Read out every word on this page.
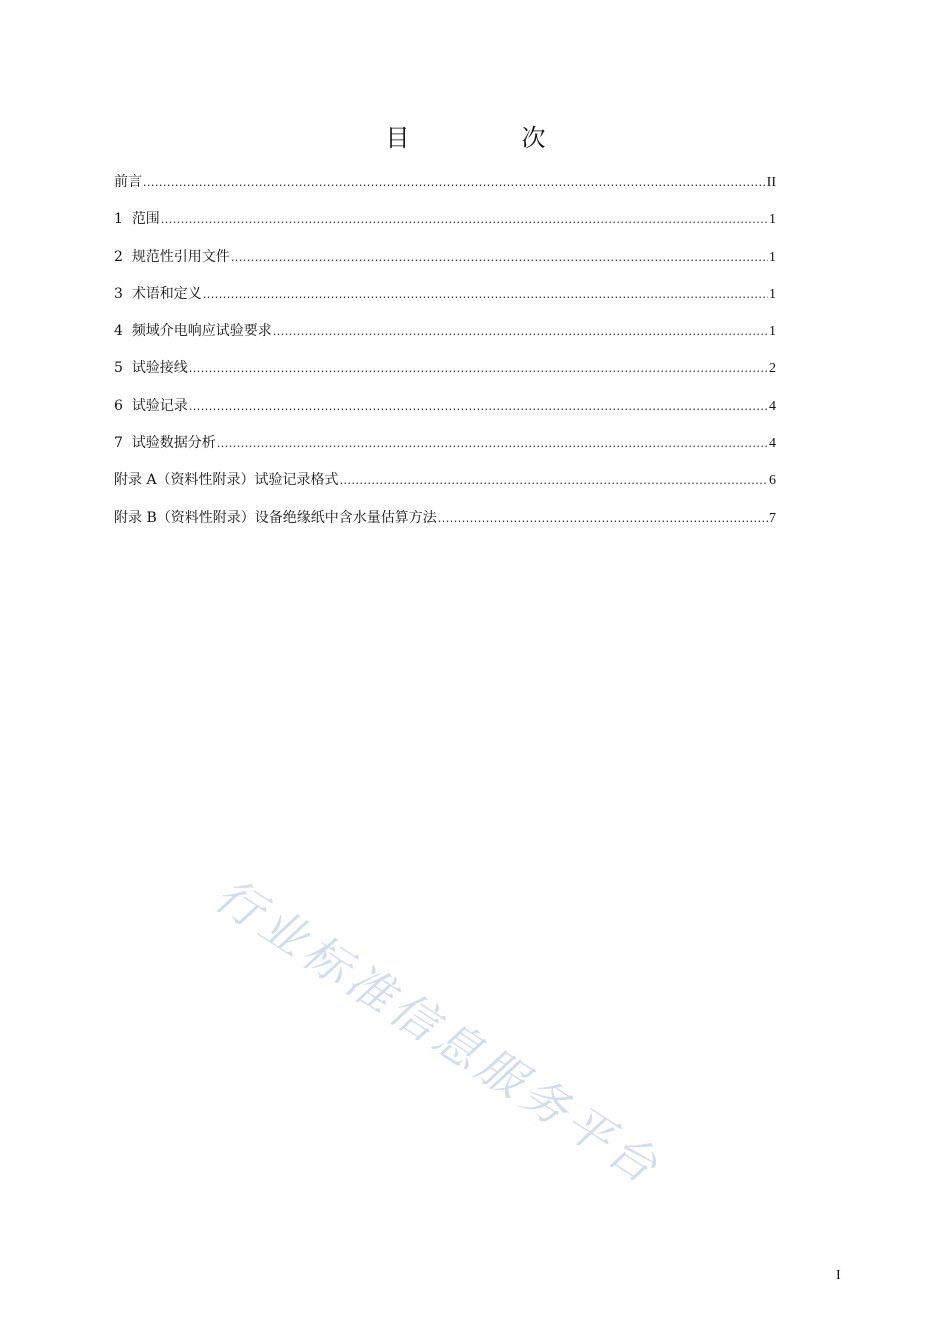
目　次
前言 .....	II
1 范围 .....	1
2 规范性引用文件 .....	1
3 术语和定义 .....	1
4 频域介电响应试验要求 .....	1
5 试验接线 .....	2
6 试验记录 .....	4
7 试验数据分析 .....	4
附录 A（资料性附录）试验记录格式 .....	6
附录 B（资料性附录）设备绝缘纸中含水量估算方法 .....	7
行业标准信息服务平台
I
